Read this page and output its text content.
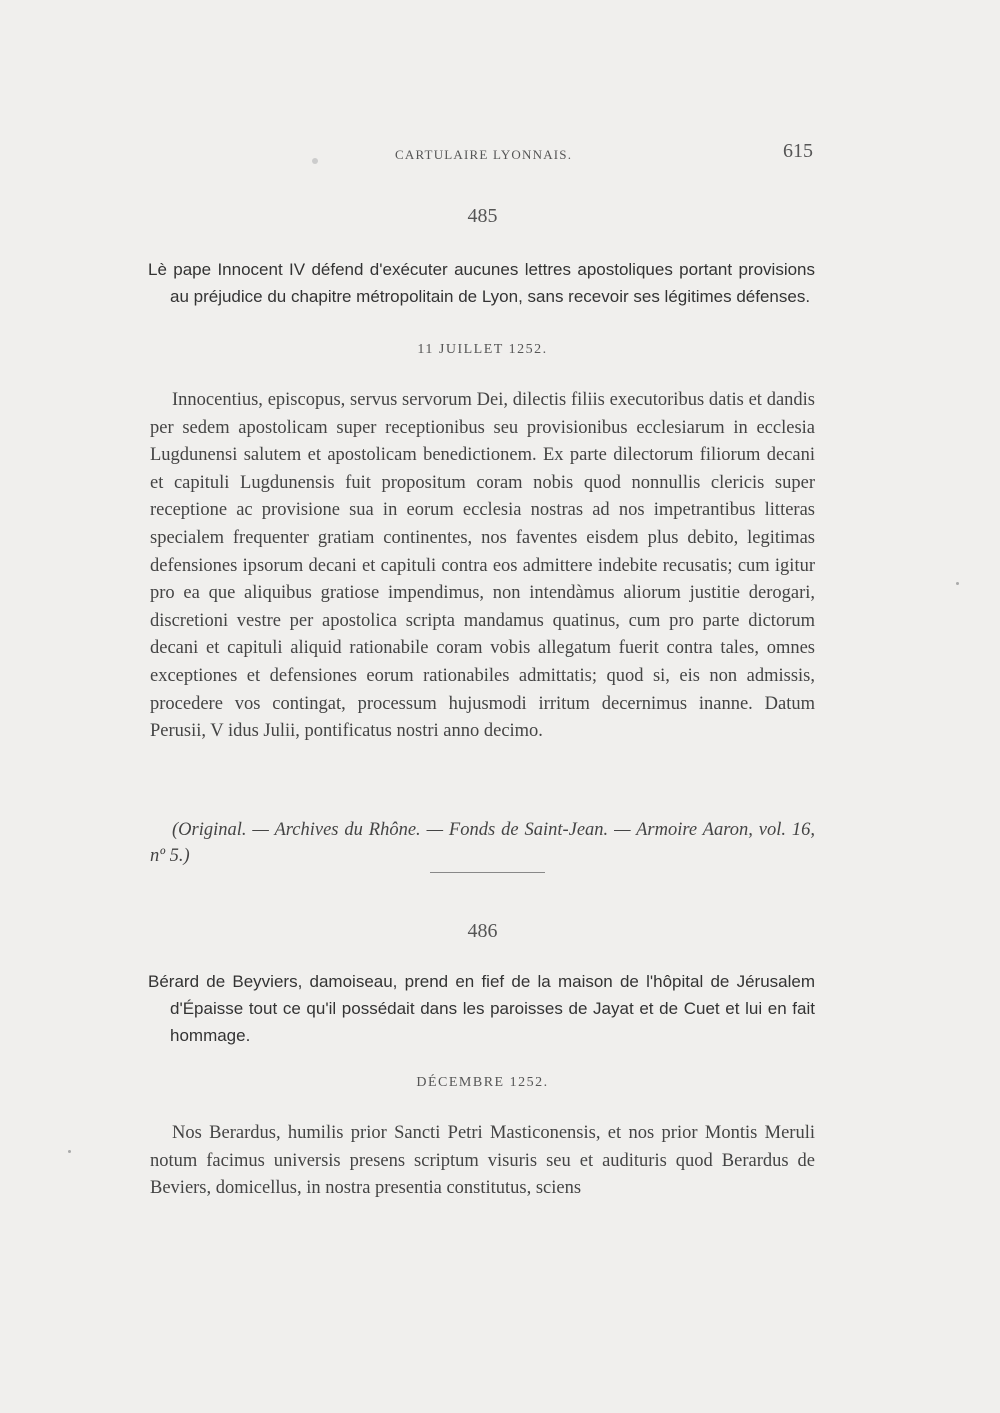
CARTULAIRE LYONNAIS.	615
485
Lè pape Innocent IV défend d'exécuter aucunes lettres apostoliques portant provisions au préjudice du chapitre métropolitain de Lyon, sans recevoir ses légitimes défenses.
11 JUILLET 1252.
Innocentius, episcopus, servus servorum Dei, dilectis filiis executoribus datis et dandis per sedem apostolicam super receptionibus seu provisionibus ecclesiarum in ecclesia Lugdunensi salutem et apostolicam benedictionem. Ex parte dilectorum filiorum decani et capituli Lugdunensis fuit propositum coram nobis quod nonnullis clericis super receptione ac provisione sua in eorum ecclesia nostras ad nos impetrantibus litteras specialem frequenter gratiam continentes, nos faventes eisdem plus debito, legitimas defensiones ipsorum decani et capituli contra eos admittere indebite recusatis; cum igitur pro ea que aliquibus gratiose impendimus, non intendàmus aliorum justitie derogari, discretioni vestre per apostolica scripta mandamus quatinus, cum pro parte dictorum decani et capituli aliquid rationabile coram vobis allegatum fuerit contra tales, omnes exceptiones et defensiones eorum rationabiles admittatis; quod si, eis non admissis, procedere vos contingat, processum hujusmodi irritum decernimus inanne. Datum Perusii, V idus Julii, pontificatus nostri anno decimo.
(Original. — Archives du Rhône. — Fonds de Saint-Jean. — Armoire Aaron, vol. 16, nº 5.)
486
Bérard de Beyviers, damoiseau, prend en fief de la maison de l'hôpital de Jérusalem d'Épaisse tout ce qu'il possédait dans les paroisses de Jayat et de Cuet et lui en fait hommage.
DÉCEMBRE 1252.
Nos Berardus, humilis prior Sancti Petri Masticonensis, et nos prior Montis Meruli notum facimus universis presens scriptum visuris seu et audituris quod Berardus de Beviers, domicellus, in nostra presentia constitutus, sciens
